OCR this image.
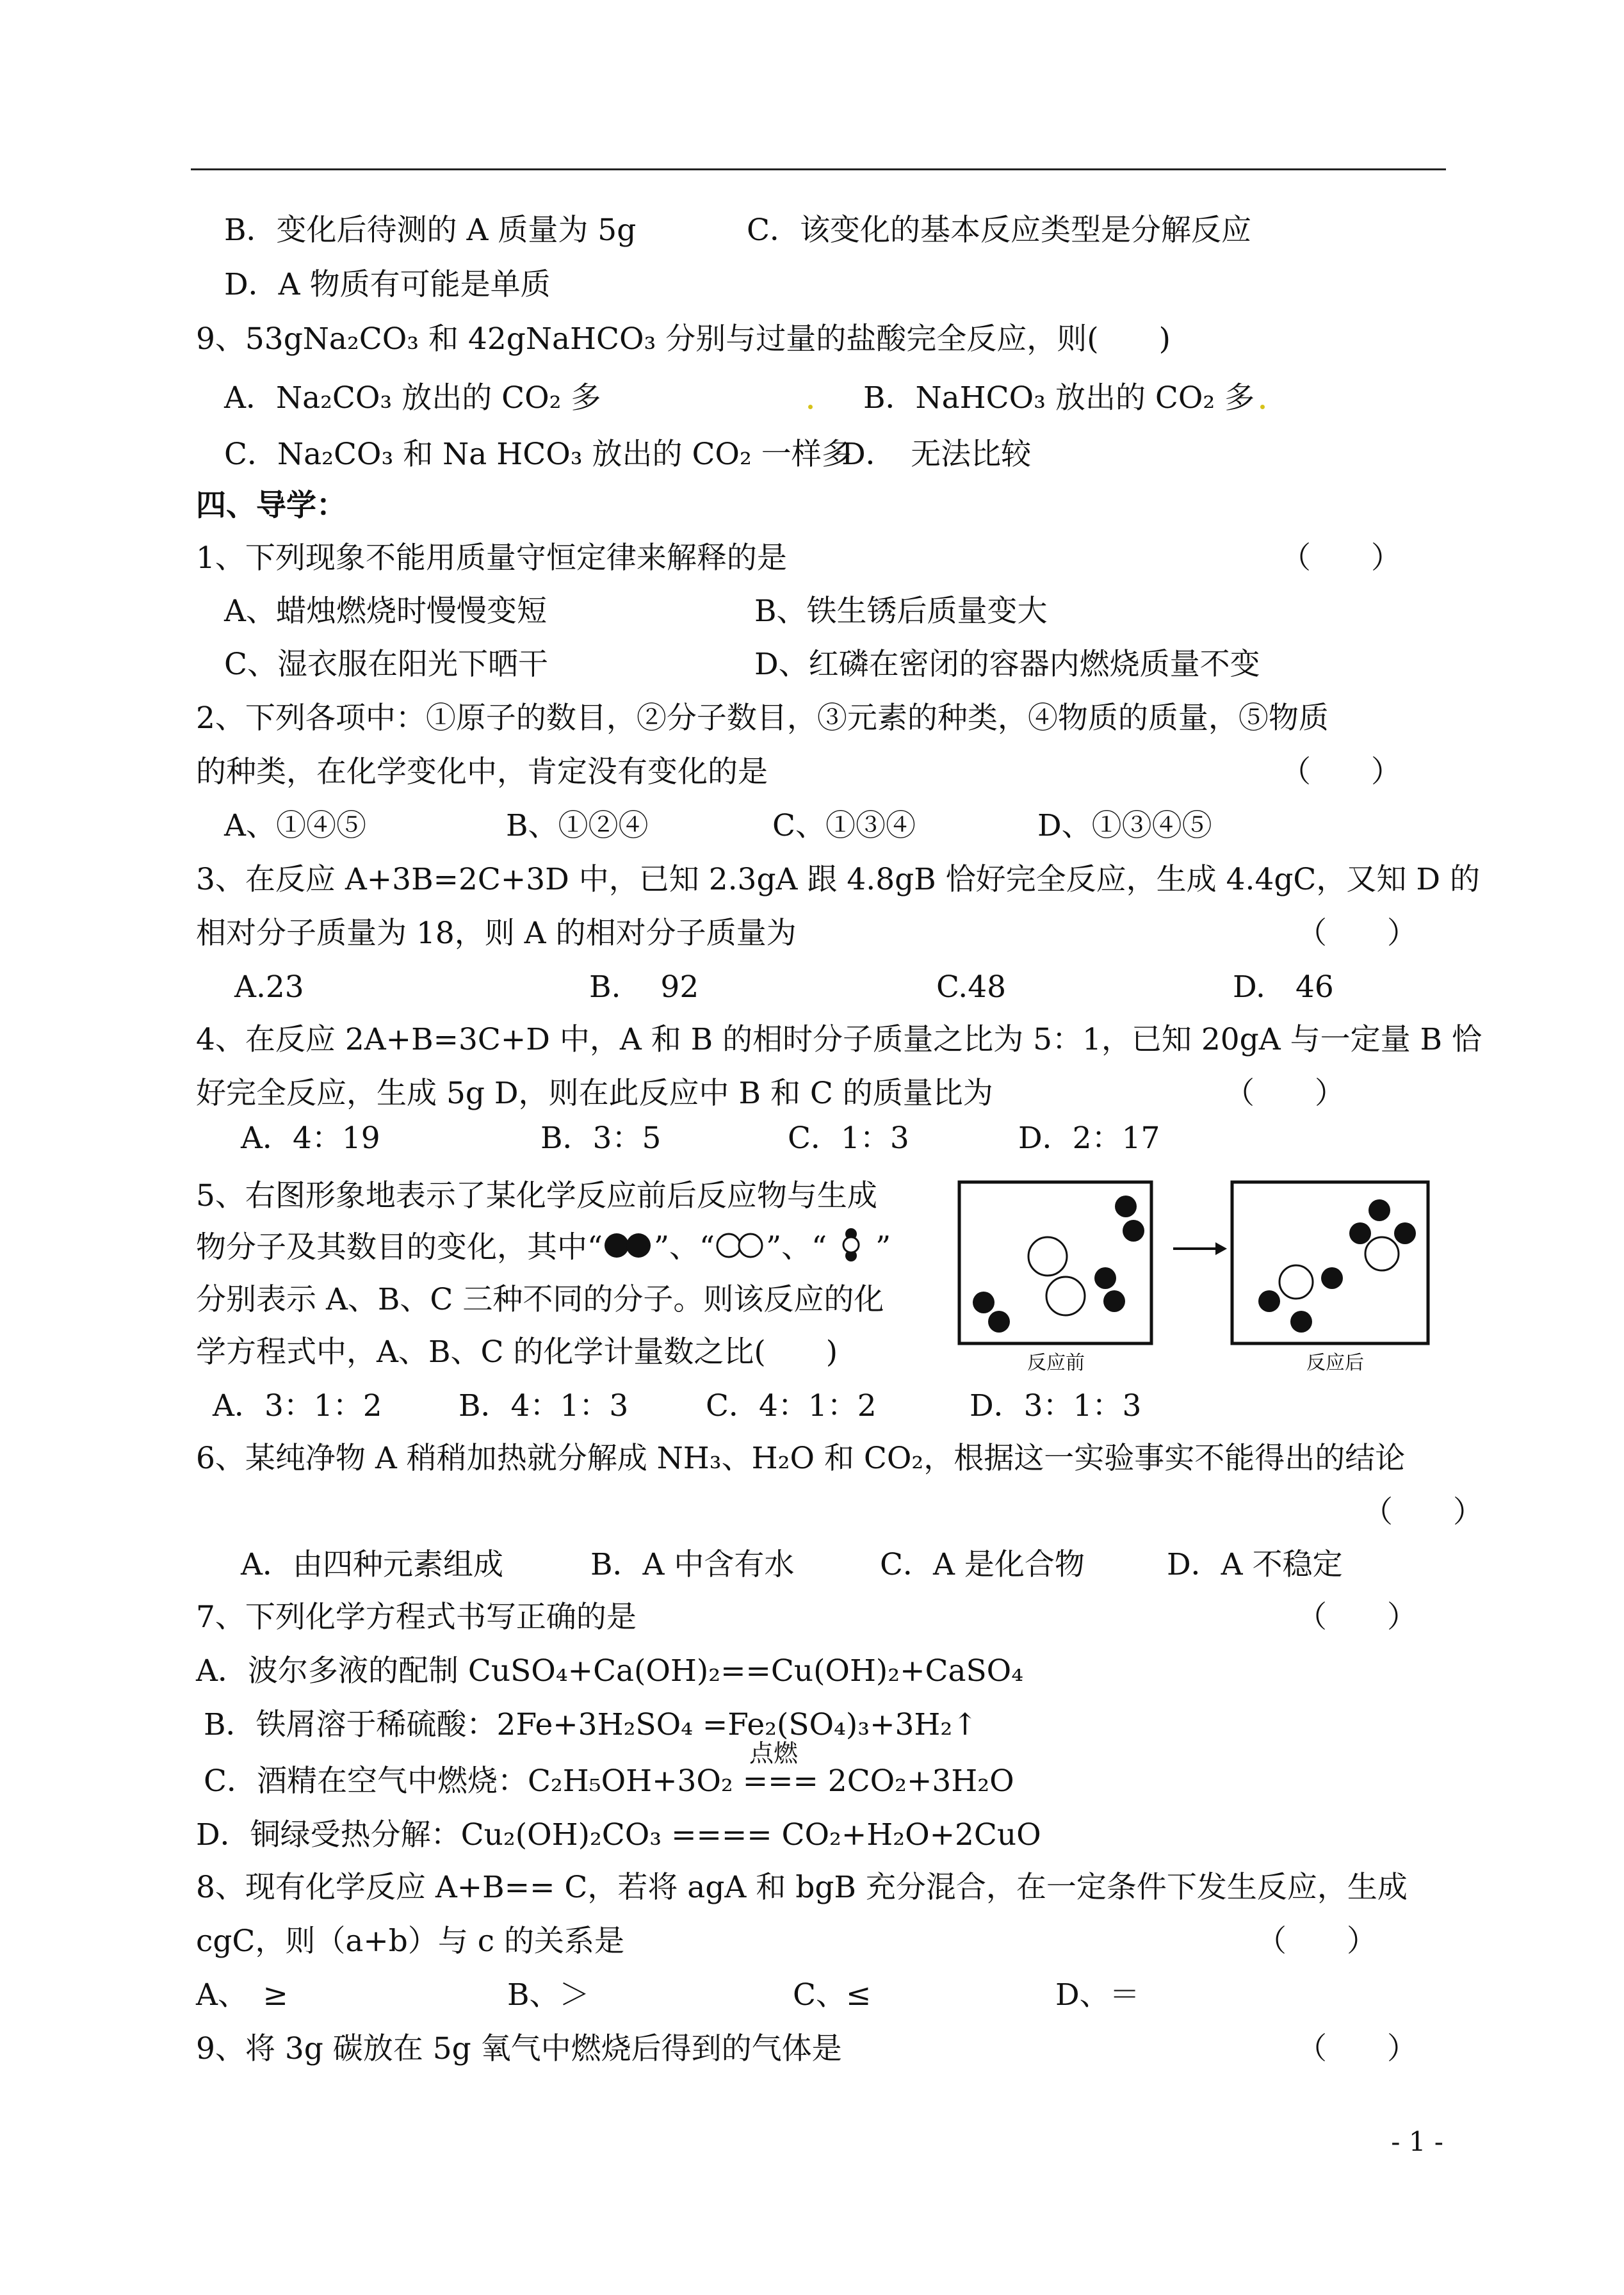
B．变化后待测的 A 质量为 5g	C．该变化的基本反应类型是分解反应
D．A 物质有可能是单质
9、53gNa₂CO₃ 和 42gNaHCO₃ 分别与过量的盐酸完全反应，则(　　)
A．Na₂CO₃ 放出的 CO₂ 多	B．NaHCO₃ 放出的 CO₂ 多
C．Na₂CO₃ 和 Na HCO₃ 放出的 CO₂ 一样多
D．　无法比较
四、导学：
1、下列现象不能用质量守恒定律来解释的是	（　　）
A、蜡烛燃烧时慢慢变短	B、铁生锈后质量变大
C、湿衣服在阳光下晒干	D、红磷在密闭的容器内燃烧质量不变
2、下列各项中：①原子的数目，②分子数目，③元素的种类，④物质的质量，⑤物质
的种类，在化学变化中，肯定没有变化的是	（　　）
A、①④⑤	B、①②④	C、①③④	D、①③④⑤
3、在反应 A+3B=2C+3D 中，已知 2.3gA 跟 4.8gB 恰好完全反应，生成 4.4gC，又知 D 的
相对分子质量为 18，则 A 的相对分子质量为	（　　）
A.23	B.　 92	C.48	D.　46
4、在反应 2A+B=3C+D 中，A 和 B 的相时分子质量之比为 5：1，已知 20gA 与一定量 B 恰
好完全反应，生成 5g D，则在此反应中 B 和 C 的质量比为	（　　）
A．4：19	B．3：5	C．1：3	D．2：17
5、右图形象地表示了某化学反应前后反应物与生成
物分子及其数目的变化，其中“ ”、“ ”、“ ”
分别表示 A、B、C 三种不同的分子。则该反应的化
学方程式中，A、B、C 的化学计量数之比(　　)	反应前	反应后
A．3：1：2	B．4：1：3	C．4：1：2	D．3：1：3
6、某纯净物 A 稍稍加热就分解成 NH₃、H₂O 和 CO₂，根据这一实验事实不能得出的结论
（　　）
A．由四种元素组成	B．A 中含有水	C．A 是化合物	D．A 不稳定
7、下列化学方程式书写正确的是	（　　）
A．波尔多液的配制 CuSO₄+Ca(OH)₂==Cu(OH)₂+CaSO₄
B．铁屑溶于稀硫酸：2Fe+3H₂SO₄ =Fe₂(SO₄)₃+3H₂↑
点燃
C．酒精在空气中燃烧：C₂H₅OH+3O₂ === 2CO₂+3H₂O
D．铜绿受热分解：Cu₂(OH)₂CO₃ ==== CO₂+H₂O+2CuO
8、现有化学反应 A+B== C，若将 agA 和 bgB 充分混合，在一定条件下发生反应，生成
cgC，则（a+b）与 c 的关系是	（　　）
A、　≥	B、＞	C、≤	D、＝
9、将 3g 碳放在 5g 氧气中燃烧后得到的气体是	（　　）
- 1 -
